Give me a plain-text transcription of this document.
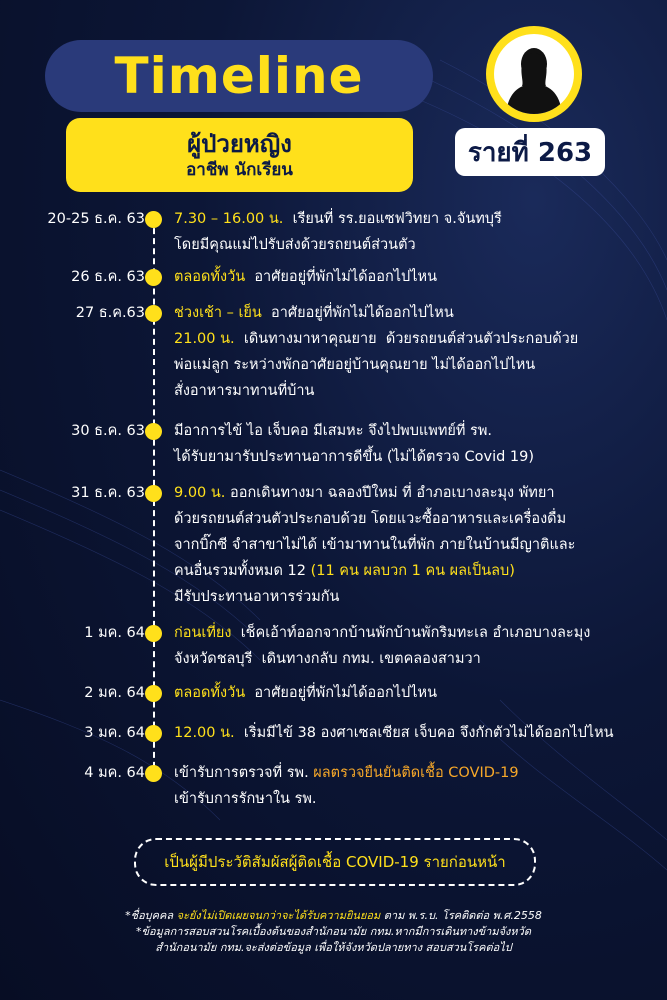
Timeline
ผู้ป่วยหญิง
อาชีพ นักเรียน
รายที่ 263
20-25 ธ.ค. 63 7.30 – 16.00 น.  เรียนที่ รร.ยอแซฟวิทยา จ.จันทบุรี
โดยมีคุณแม่ไปรับส่งด้วยรถยนต์ส่วนตัว
26 ธ.ค. 63 ตลอดทั้งวัน  อาศัยอยู่ที่พักไม่ได้ออกไปไหน
27 ธ.ค.63 ช่วงเช้า – เย็น  อาศัยอยู่ที่พักไม่ได้ออกไปไหน
21.00 น.  เดินทางมาหาคุณยาย  ด้วยรถยนต์ส่วนตัวประกอบด้วย
พ่อแม่ลูก ระหว่างพักอาศัยอยู่บ้านคุณยาย ไม่ได้ออกไปไหน
สั่งอาหารมาทานที่บ้าน
30 ธ.ค. 63 มีอาการไข้ ไอ เจ็บคอ มีเสมหะ จึงไปพบแพทย์ที่ รพ.
ได้รับยามารับประทานอาการดีขึ้น (ไม่ได้ตรวจ Covid 19)
31 ธ.ค. 63 9.00 น. ออกเดินทางมา ฉลองปีใหม่ ที่ อำภอเบางละมุง พัทยา
ด้วยรถยนต์ส่วนตัวประกอบด้วย โดยแวะซื้ออาหารและเครื่องดื่ม
จากบิ๊กซี จำสาขาไม่ได้ เข้ามาทานในที่พัก ภายในบ้านมีญาติและ
คนอื่นรวมทั้งหมด 12 (11 คน ผลบวก 1 คน ผลเป็นลบ)
มีรับประทานอาหารร่วมกัน
1 มค. 64 ก่อนเที่ยง  เช็คเอ้าท์ออกจากบ้านพักบ้านพักริมทะเล อำเภอบางละมุง
จังหวัดชลบุรี  เดินทางกลับ กทม. เขตคลองสามวา
2 มค. 64 ตลอดทั้งวัน  อาศัยอยู่ที่พักไม่ได้ออกไปไหน
3 มค. 64 12.00 น.  เริ่มมีไข้ 38 องศาเซลเซียส เจ็บคอ จึงกักตัวไม่ได้ออกไปไหน
4 มค. 64 เข้ารับการตรวจที่ รพ. ผลตรวจยืนยันติดเชื้อ COVID-19
เข้ารับการรักษาใน รพ.
เป็นผู้มีประวัติสัมผัสผู้ติดเชื้อ COVID-19 รายก่อนหน้า
*ชื่อบุคคล จะยังไม่เปิดเผยจนกว่าจะได้รับความยินยอม ตาม พ.ร.บ. โรคติดต่อ พ.ศ.2558
*ข้อมูลการสอบสวนโรคเบื้องต้นของสำนักอนามัย กทม.หากมีการเดินทางข้ามจังหวัด
สำนักอนามัย กทม.จะส่งต่อข้อมูล เพื่อให้จังหวัดปลายทาง สอบสวนโรคต่อไป
